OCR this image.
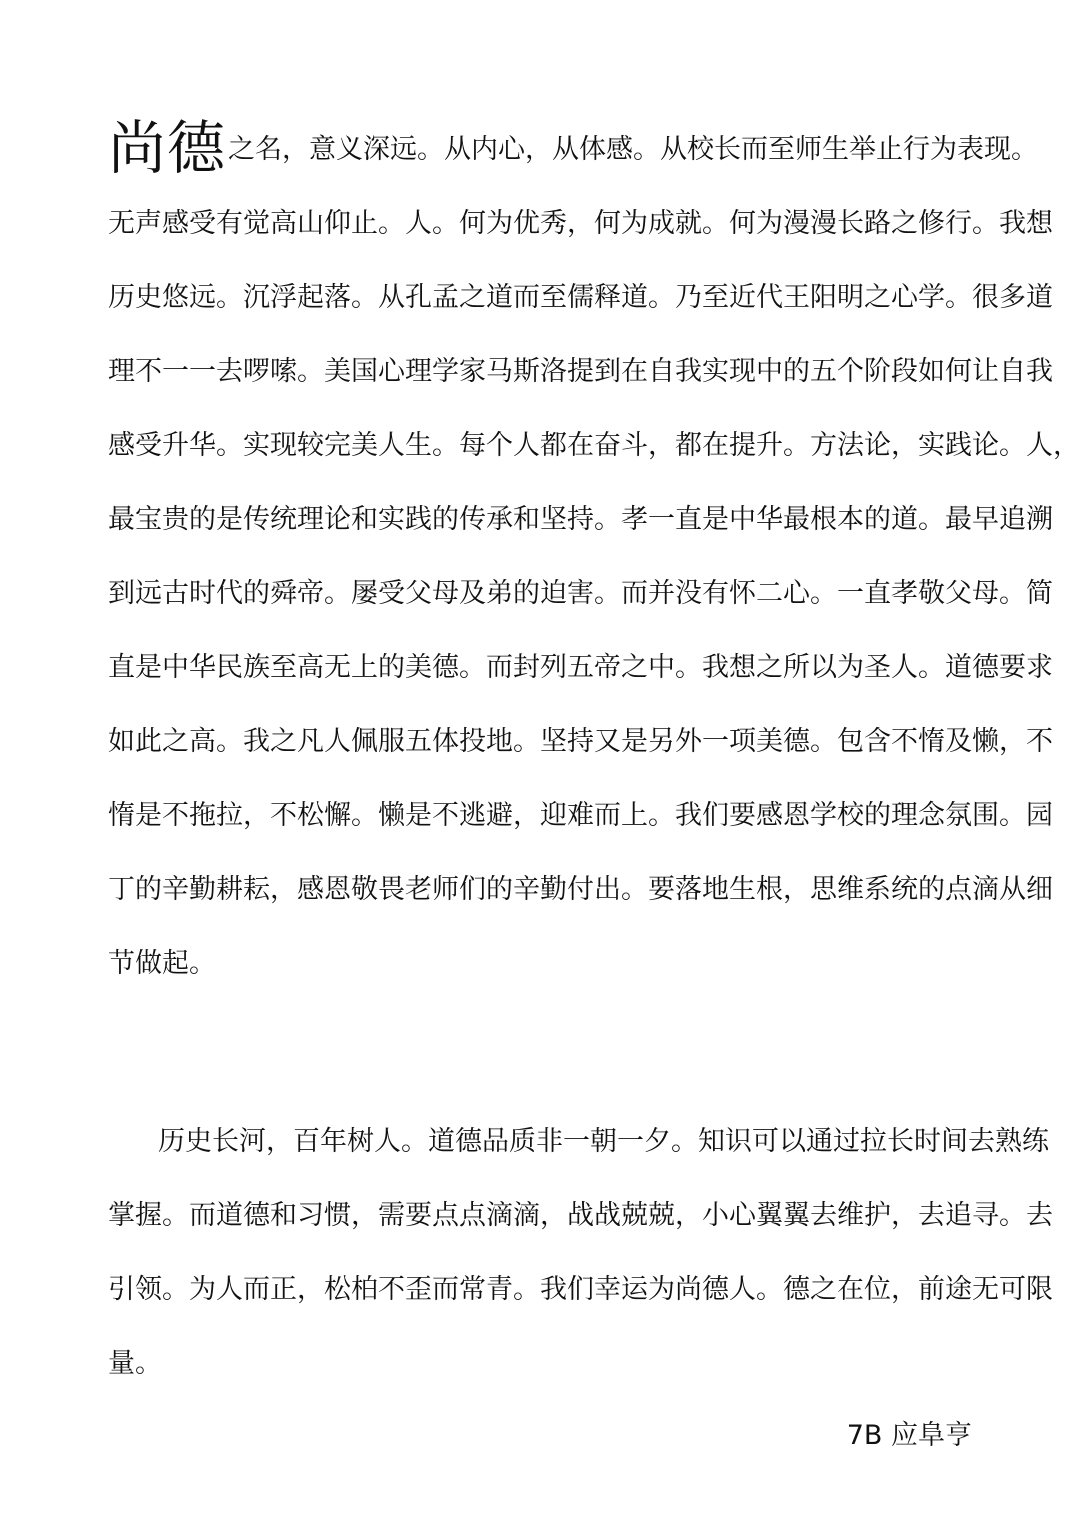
尚德 之名，意义深远。从内心，从体感。从校长而至师生举止行为表现。
无声感受有觉高山仰止。人。何为优秀，何为成就。何为漫漫长路之修行。我想
历史悠远。沉浮起落。从孔孟之道而至儒释道。乃至近代王阳明之心学。很多道
理不一一去啰嗦。美国心理学家马斯洛提到在自我实现中的五个阶段如何让自我
感受升华。实现较完美人生。每个人都在奋斗，都在提升。方法论，实践论。人，
最宝贵的是传统理论和实践的传承和坚持。孝一直是中华最根本的道。最早追溯
到远古时代的舜帝。屡受父母及弟的迫害。而并没有怀二心。一直孝敬父母。简
直是中华民族至高无上的美德。而封列五帝之中。我想之所以为圣人。道德要求
如此之高。我之凡人佩服五体投地。坚持又是另外一项美德。包含不惰及懒，不
惰是不拖拉，不松懈。懒是不逃避，迎难而上。我们要感恩学校的理念氛围。园
丁的辛勤耕耘，感恩敬畏老师们的辛勤付出。要落地生根，思维系统的点滴从细
节做起。
历史长河，百年树人。道德品质非一朝一夕。知识可以通过拉长时间去熟练
掌握。而道德和习惯，需要点点滴滴，战战兢兢，小心翼翼去维护，去追寻。去
引领。为人而正，松柏不歪而常青。我们幸运为尚德人。德之在位，前途无可限
量。
7B 应阜亨
